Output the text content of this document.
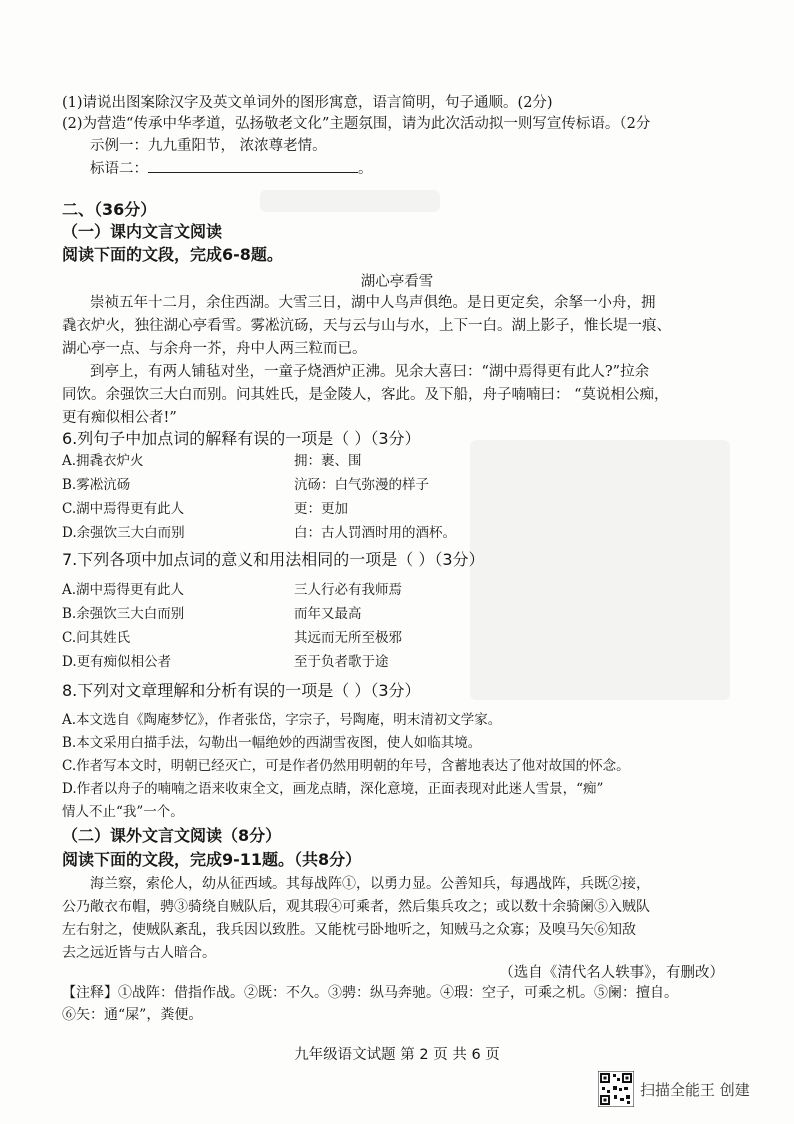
(1)请说出图案除汉字及英文单词外的图形寓意，语言简明，句子通顺。(2分)
(2)为营造“传承中华孝道，弘扬敬老文化”主题氛围，请为此次活动拟一则写宣传标语。（2分
示例一：九九重阳节， 浓浓尊老情。
标语二：	。
二、（36分）
（一）课内文言文阅读
阅读下面的文段，完成6-8题。
湖心亭看雪
崇祯五年十二月，余住西湖。大雪三日，湖中人鸟声俱绝。是日更定矣，余拏一小舟，拥
毳衣炉火，独往湖心亭看雪。雾凇沆砀，天与云与山与水，上下一白。湖上影子，惟长堤一痕、
湖心亭一点、与余舟一芥，舟中人两三粒而已。
到亭上，有两人铺毡对坐，一童子烧酒炉正沸。见余大喜曰：“湖中焉得更有此人?”拉余
同饮。余强饮三大白而别。问其姓氏，是金陵人，客此。及下船，舟子喃喃曰： “莫说相公痴，
更有痴似相公者!”
6.列句子中加点词的解释有误的一项是（ ）（3分）
A.拥毳衣炉火	拥：裹、围
B.雾凇沆砀	沆砀：白气弥漫的样子
C.湖中焉得更有此人	更：更加
D.余强饮三大白而别	白：古人罚酒时用的酒杯。
7.下列各项中加点词的意义和用法相同的一项是（ ）（3分）
A.湖中焉得更有此人	三人行必有我师焉
B.余强饮三大白而别	而年又最高
C.问其姓氏	其远而无所至极邪
D.更有痴似相公者	至于负者歌于途
8.下列对文章理解和分析有误的一项是（ ）（3分）
A.本文选自《陶庵梦忆》，作者张岱，字宗子，号陶庵，明末清初文学家。
B.本文采用白描手法，勾勒出一幅绝妙的西湖雪夜图，使人如临其境。
C.作者写本文时，明朝已经灭亡，可是作者仍然用明朝的年号，含蓄地表达了他对故国的怀念。
D.作者以舟子的喃喃之语来收束全文，画龙点睛，深化意境，正面表现对此迷人雪景，“痴”
情人不止“我”一个。
（二）课外文言文阅读（8分）
阅读下面的文段，完成9-11题。（共8分）
海兰察，索伦人，幼从征西域。其每战阵①，以勇力显。公善知兵，每遇战阵，兵既②接，
公乃敞衣布帽，骋③骑绕自贼队后，观其瑕④可乘者，然后集兵攻之；或以数十余骑阑⑤入贼队
左右射之，使贼队紊乱，我兵因以致胜。又能枕弓卧地听之，知贼马之众寡；及嗅马矢⑥知敌
去之远近皆与古人暗合。
（选自《清代名人轶事》，有删改）
【注释】①战阵：借指作战。②既：不久。③骋：纵马奔驰。④瑕：空子，可乘之机。⑤阑：擅自。
⑥矢：通“屎”，粪便。
九年级语文试题 第 2 页 共 6 页
扫描全能王 创建
